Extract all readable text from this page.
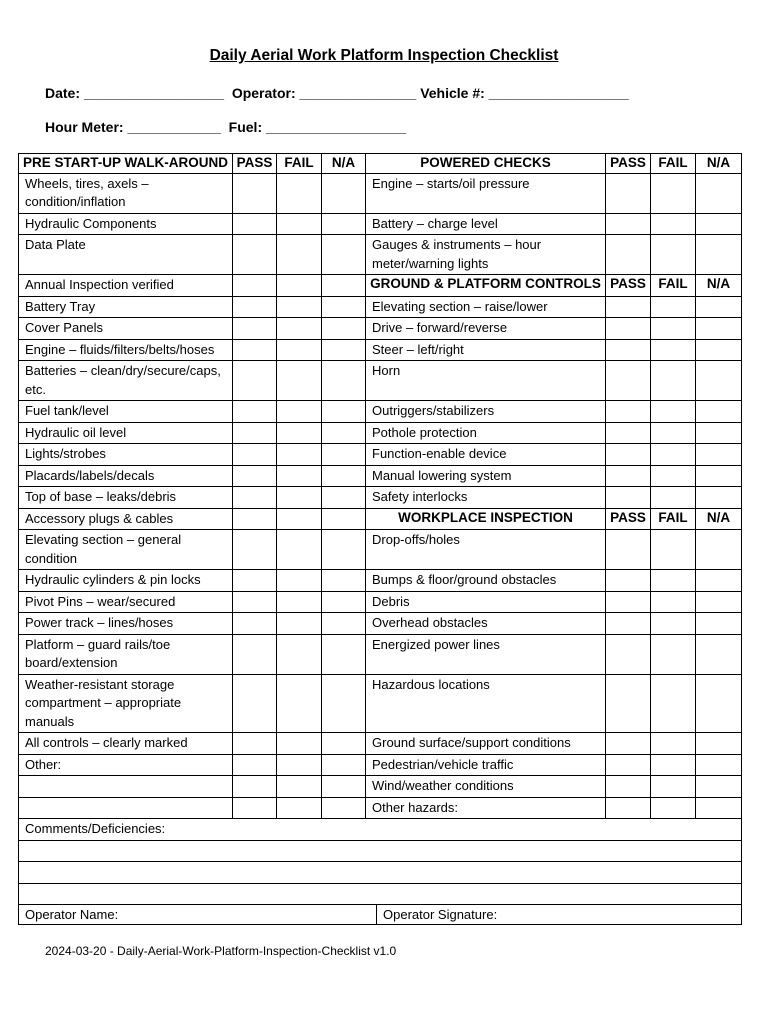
Daily Aerial Work Platform Inspection Checklist
Date: __________________ Operator: _______________ Vehicle #: __________________
Hour Meter: ____________ Fuel: __________________
PRE START-UP WALK-AROUND	PASS	FAIL	N/A	POWERED CHECKS	PASS	FAIL	N/A
Wheels, tires, axels – condition/inflation				Engine – starts/oil pressure			
Hydraulic Components				Battery – charge level			
Data Plate				Gauges & instruments – hour meter/warning lights			
Annual Inspection verified				GROUND & PLATFORM CONTROLS	PASS	FAIL	N/A
Battery Tray				Elevating section – raise/lower			
Cover Panels				Drive – forward/reverse			
Engine – fluids/filters/belts/hoses				Steer – left/right			
Batteries – clean/dry/secure/caps, etc.				Horn			
Fuel tank/level				Outriggers/stabilizers			
Hydraulic oil level				Pothole protection			
Lights/strobes				Function-enable device			
Placards/labels/decals				Manual lowering system			
Top of base – leaks/debris				Safety interlocks			
Accessory plugs & cables				WORKPLACE INSPECTION	PASS	FAIL	N/A
Elevating section – general condition				Drop-offs/holes			
Hydraulic cylinders & pin locks				Bumps & floor/ground obstacles			
Pivot Pins – wear/secured				Debris			
Power track – lines/hoses				Overhead obstacles			
Platform – guard rails/toe board/extension				Energized power lines			
Weather-resistant storage compartment – appropriate manuals				Hazardous locations			
All controls – clearly marked				Ground surface/support conditions			
Other:				Pedestrian/vehicle traffic			
				Wind/weather conditions			
				Other hazards:			
Comments/Deficiencies:							

Operator Name:	Operator Signature:
2024-03-20 - Daily-Aerial-Work-Platform-Inspection-Checklist v1.0
